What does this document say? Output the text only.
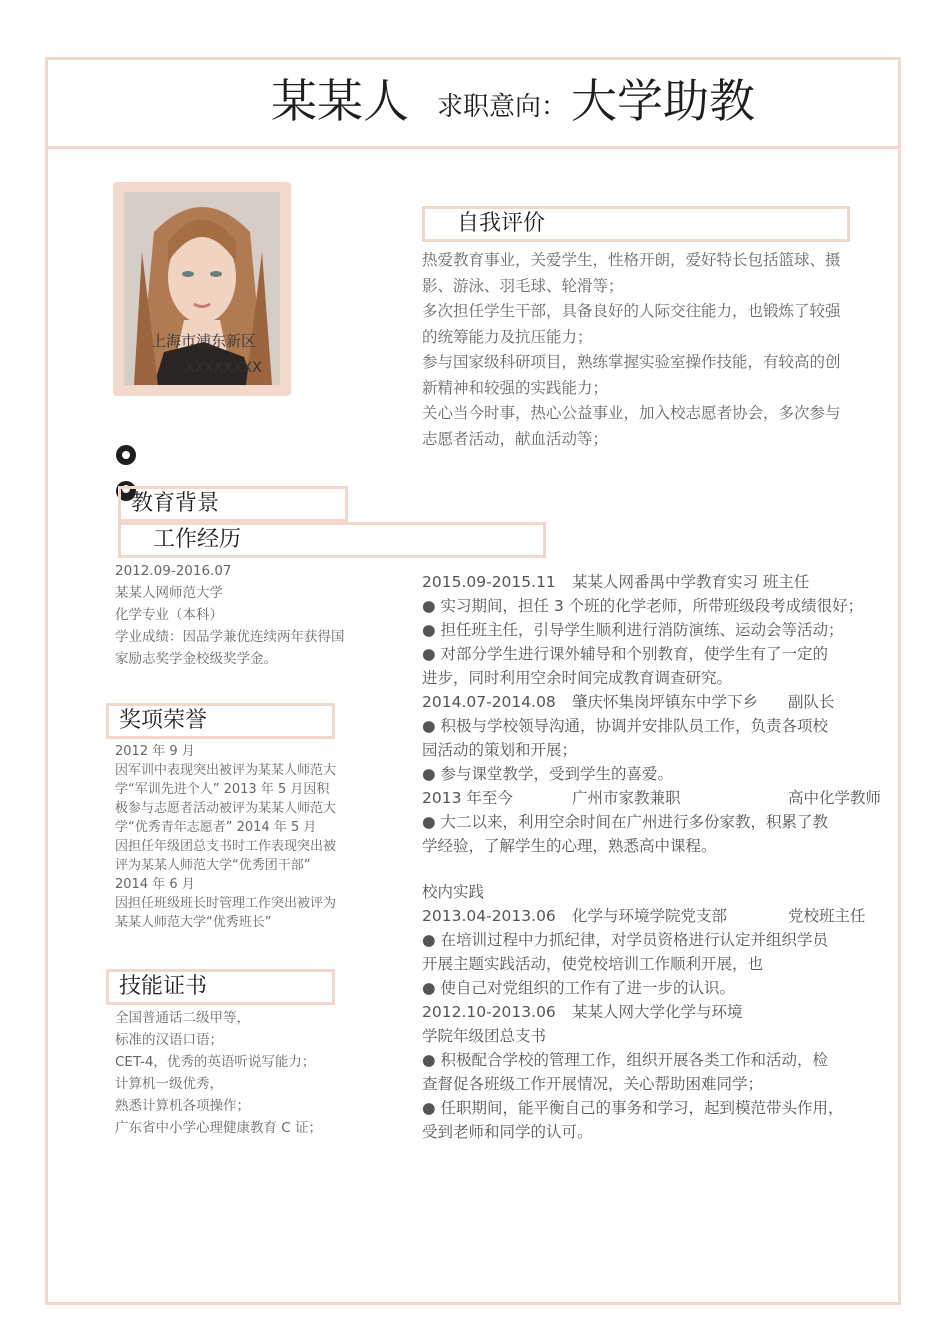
某某人 求职意向： 大学助教
上海市浦东新区
XXXXXXXX
自我评价

热爱教育事业，关爱学生，性格开朗，爱好特长包括篮球、摄

影、游泳、羽毛球、轮滑等；

多次担任学生干部，具备良好的人际交往能力，也锻炼了较强

的统筹能力及抗压能力；

参与国家级科研项目，熟练掌握实验室操作技能，有较高的创

新精神和较强的实践能力；

关心当今时事，热心公益事业，加入校志愿者协会，多次参与

志愿者活动，献血活动等；

教育背景
工作经历

2012.09-2016.07

某某人网师范大学

化学专业（本科）

学业成绩：因品学兼优连续两年获得国

家励志奖学金校级奖学金。

2015.09-2015.11 某某人网番禺中学教育实习 班主任

● 实习期间，担任 3 个班的化学老师，所带班级段考成绩很好；

● 担任班主任，引导学生顺利进行消防演练、运动会等活动；

● 对部分学生进行课外辅导和个别教育，使学生有了一定的

进步，同时利用空余时间完成教育调查研究。

2014.07-2014.08 肇庆怀集岗坪镇东中学下乡 副队长

● 积极与学校领导沟通，协调并安排队员工作，负责各项校

园活动的策划和开展；

● 参与课堂教学，受到学生的喜爱。

2013 年至今	广州市家教兼职	高中化学教师

● 大二以来，利用空余时间在广州进行多份家教，积累了教

学经验，了解学生的心理，熟悉高中课程。

校内实践

2013.04-2013.06 化学与环境学院党支部	党校班主任

● 在培训过程中力抓纪律，对学员资格进行认定并组织学员

开展主题实践活动，使党校培训工作顺利开展，也

● 使自己对党组织的工作有了进一步的认识。

2012.10-2013.06 某某人网大学化学与环境

学院年级团总支书

● 积极配合学校的管理工作，组织开展各类工作和活动，检

查督促各班级工作开展情况，关心帮助困难同学；

● 任职期间，能平衡自己的事务和学习，起到模范带头作用，

受到老师和同学的认可。

奖项荣誉

2012 年 9 月

因军训中表现突出被评为某某人师范大

学“军训先进个人” 2013 年 5 月因积

极参与志愿者活动被评为某某人师范大

学“优秀青年志愿者” 2014 年 5 月

因担任年级团总支书时工作表现突出被

评为某某人师范大学“优秀团干部”

2014 年 6 月

因担任班级班长时管理工作突出被评为

某某人师范大学“优秀班长”

技能证书

全国普通话二级甲等，

标准的汉语口语；

CET-4，优秀的英语听说写能力；

计算机一级优秀，

熟悉计算机各项操作；

广东省中小学心理健康教育 C 证；
